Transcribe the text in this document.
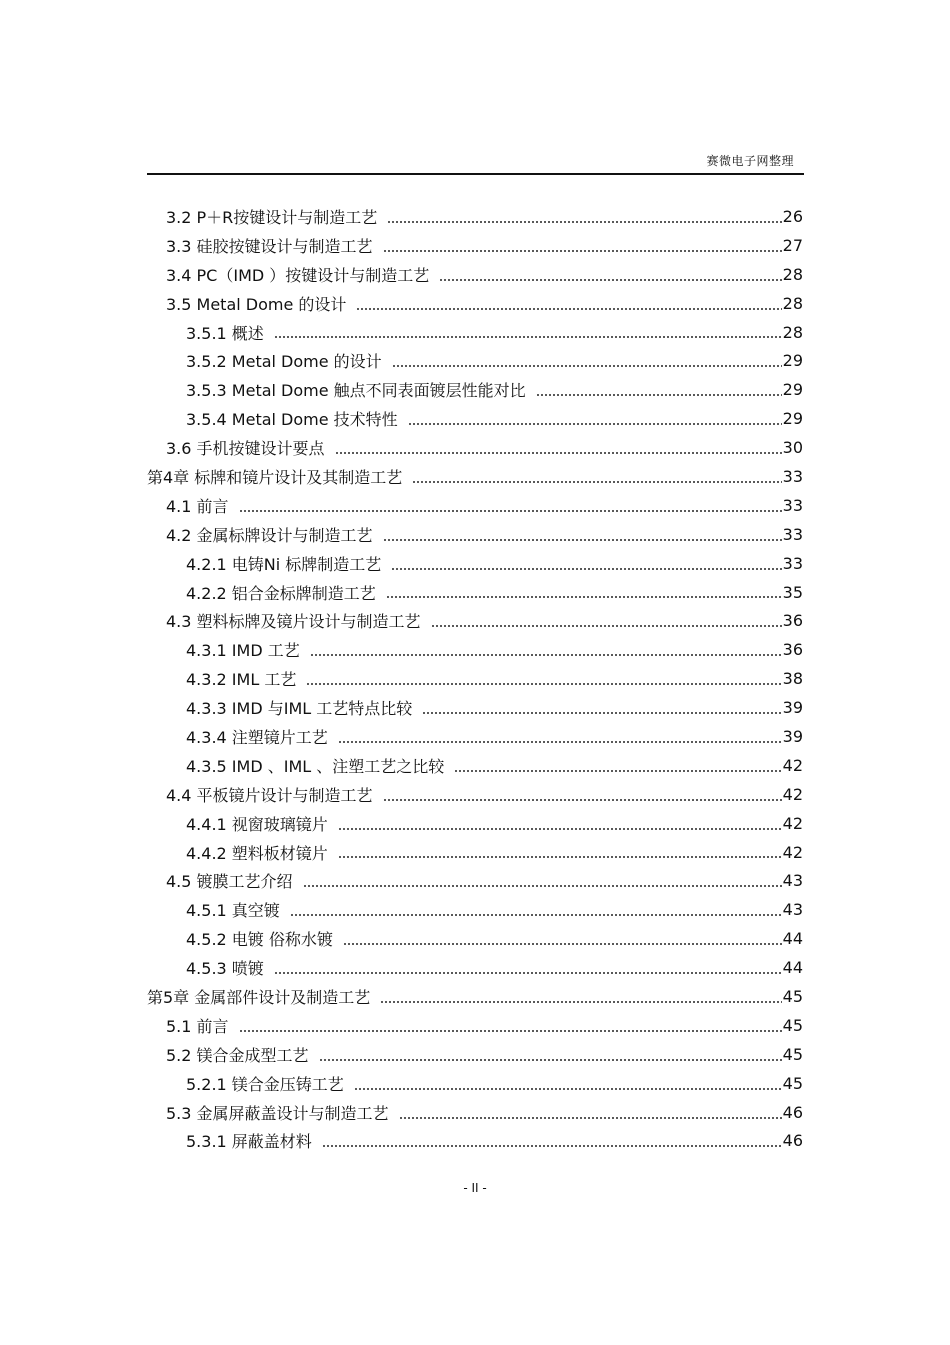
赛微电子网整理
3.2 P＋R按键设计与制造工艺	26
3.3 硅胶按键设计与制造工艺	27
3.4 PC（IMD ）按键设计与制造工艺	28
3.5 Metal Dome 的设计	28
3.5.1 概述	28
3.5.2 Metal Dome 的设计	29
3.5.3 Metal Dome 触点不同表面镀层性能对比	29
3.5.4 Metal Dome 技术特性	29
3.6 手机按键设计要点	30
第4章 标牌和镜片设计及其制造工艺	33
4.1 前言	33
4.2 金属标牌设计与制造工艺	33
4.2.1 电铸Ni 标牌制造工艺	33
4.2.2 铝合金标牌制造工艺	35
4.3 塑料标牌及镜片设计与制造工艺	36
4.3.1 IMD 工艺	36
4.3.2 IML 工艺	38
4.3.3 IMD 与IML 工艺特点比较	39
4.3.4 注塑镜片工艺	39
4.3.5 IMD 、IML 、注塑工艺之比较	42
4.4 平板镜片设计与制造工艺	42
4.4.1 视窗玻璃镜片	42
4.4.2 塑料板材镜片	42
4.5 镀膜工艺介绍	43
4.5.1 真空镀	43
4.5.2 电镀 俗称水镀	44
4.5.3 喷镀	44
第5章 金属部件设计及制造工艺	45
5.1 前言	45
5.2 镁合金成型工艺	45
5.2.1 镁合金压铸工艺	45
5.3 金属屏蔽盖设计与制造工艺	46
5.3.1 屏蔽盖材料	46
- II -
